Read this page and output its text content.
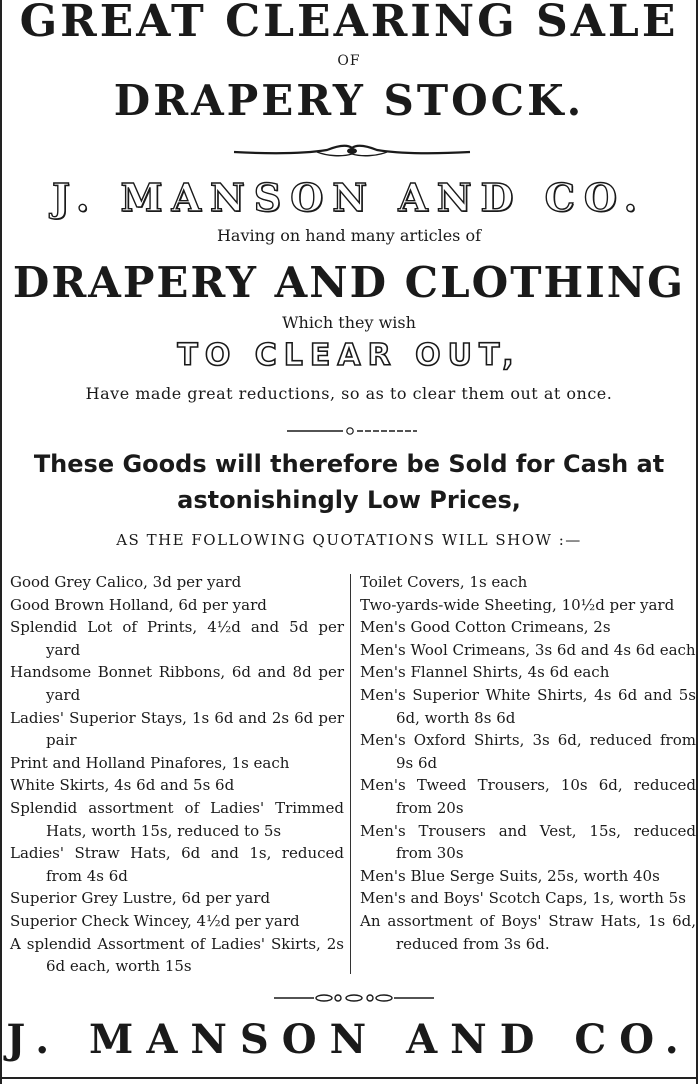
GREAT CLEARING SALE
OF
DRAPERY STOCK.
J. MANSON AND CO.
Having on hand many articles of
DRAPERY AND CLOTHING
Which they wish
TO CLEAR OUT,
Have made great reductions, so as to clear them out at once.
These Goods will therefore be Sold for Cash at
astonishingly Low Prices,
AS THE FOLLOWING QUOTATIONS WILL SHOW :—

Good Grey Calico, 3d per yard

Good Brown Holland, 6d per yard

Splendid Lot of Prints, 4½d and 5d per yard

Handsome Bonnet Ribbons, 6d and 8d per yard

Ladies' Superior Stays, 1s 6d and 2s 6d per pair

Print and Holland Pinafores, 1s each

White Skirts, 4s 6d and 5s 6d

Splendid assortment of Ladies' Trimmed Hats, worth 15s, reduced to 5s

Ladies' Straw Hats, 6d and 1s, reduced from 4s 6d

Superior Grey Lustre, 6d per yard

Superior Check Wincey, 4½d per yard

A splendid Assortment of Ladies' Skirts, 2s 6d each, worth 15s

Toilet Covers, 1s each

Two-yards-wide Sheeting, 10½d per yard

Men's Good Cotton Crimeans, 2s

Men's Wool Crimeans, 3s 6d and 4s 6d each

Men's Flannel Shirts, 4s 6d each

Men's Superior White Shirts, 4s 6d and 5s 6d, worth 8s 6d

Men's Oxford Shirts, 3s 6d, reduced from 9s 6d

Men's Tweed Trousers, 10s 6d, reduced from 20s

Men's Trousers and Vest, 15s, reduced from 30s

Men's Blue Serge Suits, 25s, worth 40s

Men's and Boys' Scotch Caps, 1s, worth 5s

An assortment of Boys' Straw Hats, 1s 6d, reduced from 3s 6d.

J. MANSON AND CO.
